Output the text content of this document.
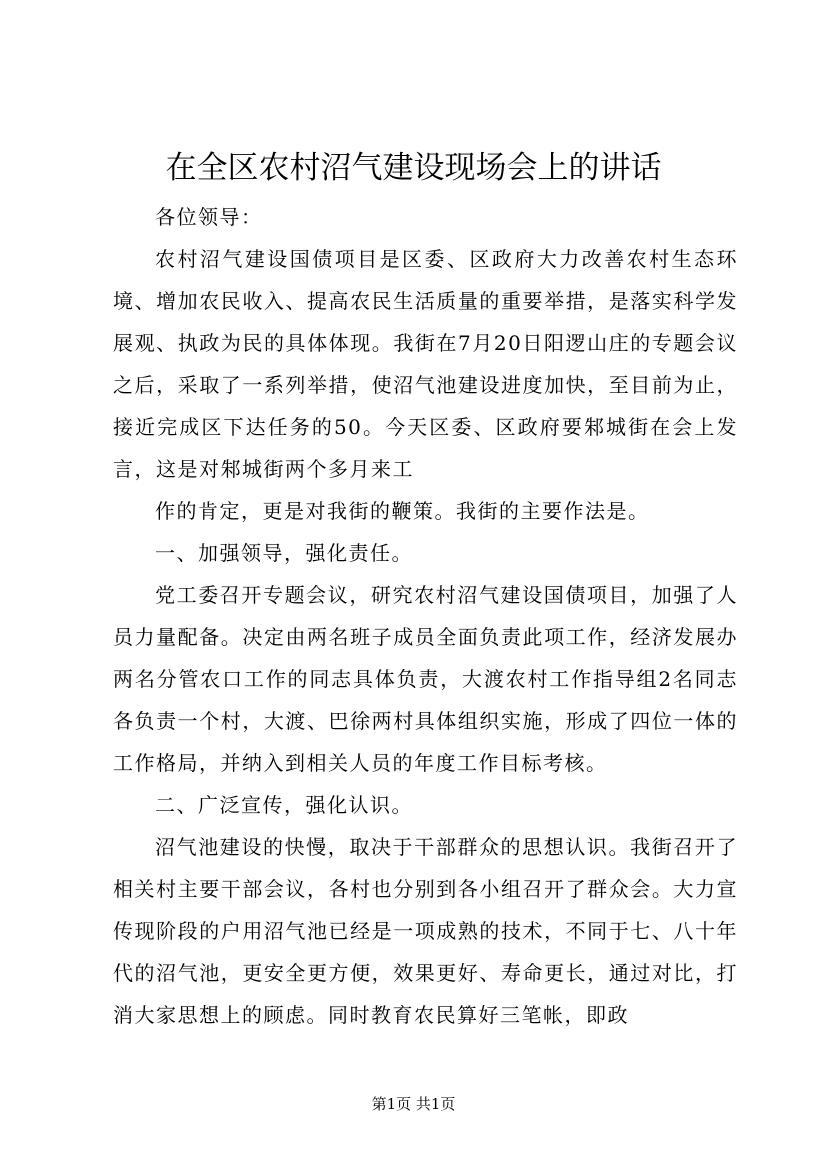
在全区农村沼气建设现场会上的讲话

各位领导：

农村沼气建设国债项目是区委、区政府大力改善农村生态环境、增加农民收入、提高农民生活质量的重要举措，是落实科学发展观、执政为民的具体体现。我街在7月20日阳逻山庄的专题会议之后，采取了一系列举措，使沼气池建设进度加快，至目前为止，接近完成区下达任务的50。今天区委、区政府要邾城街在会上发言，这是对邾城街两个多月来工

作的肯定，更是对我街的鞭策。我街的主要作法是。

一、加强领导，强化责任。

党工委召开专题会议，研究农村沼气建设国债项目，加强了人员力量配备。决定由两名班子成员全面负责此项工作，经济发展办两名分管农口工作的同志具体负责，大渡农村工作指导组2名同志各负责一个村，大渡、巴徐两村具体组织实施，形成了四位一体的工作格局，并纳入到相关人员的年度工作目标考核。

二、广泛宣传，强化认识。

沼气池建设的快慢，取决于干部群众的思想认识。我街召开了相关村主要干部会议，各村也分别到各小组召开了群众会。大力宣传现阶段的户用沼气池已经是一项成熟的技术，不同于七、八十年代的沼气池，更安全更方便，效果更好、寿命更长，通过对比，打消大家思想上的顾虑。同时教育农民算好三笔帐，即政

第1页 共1页
